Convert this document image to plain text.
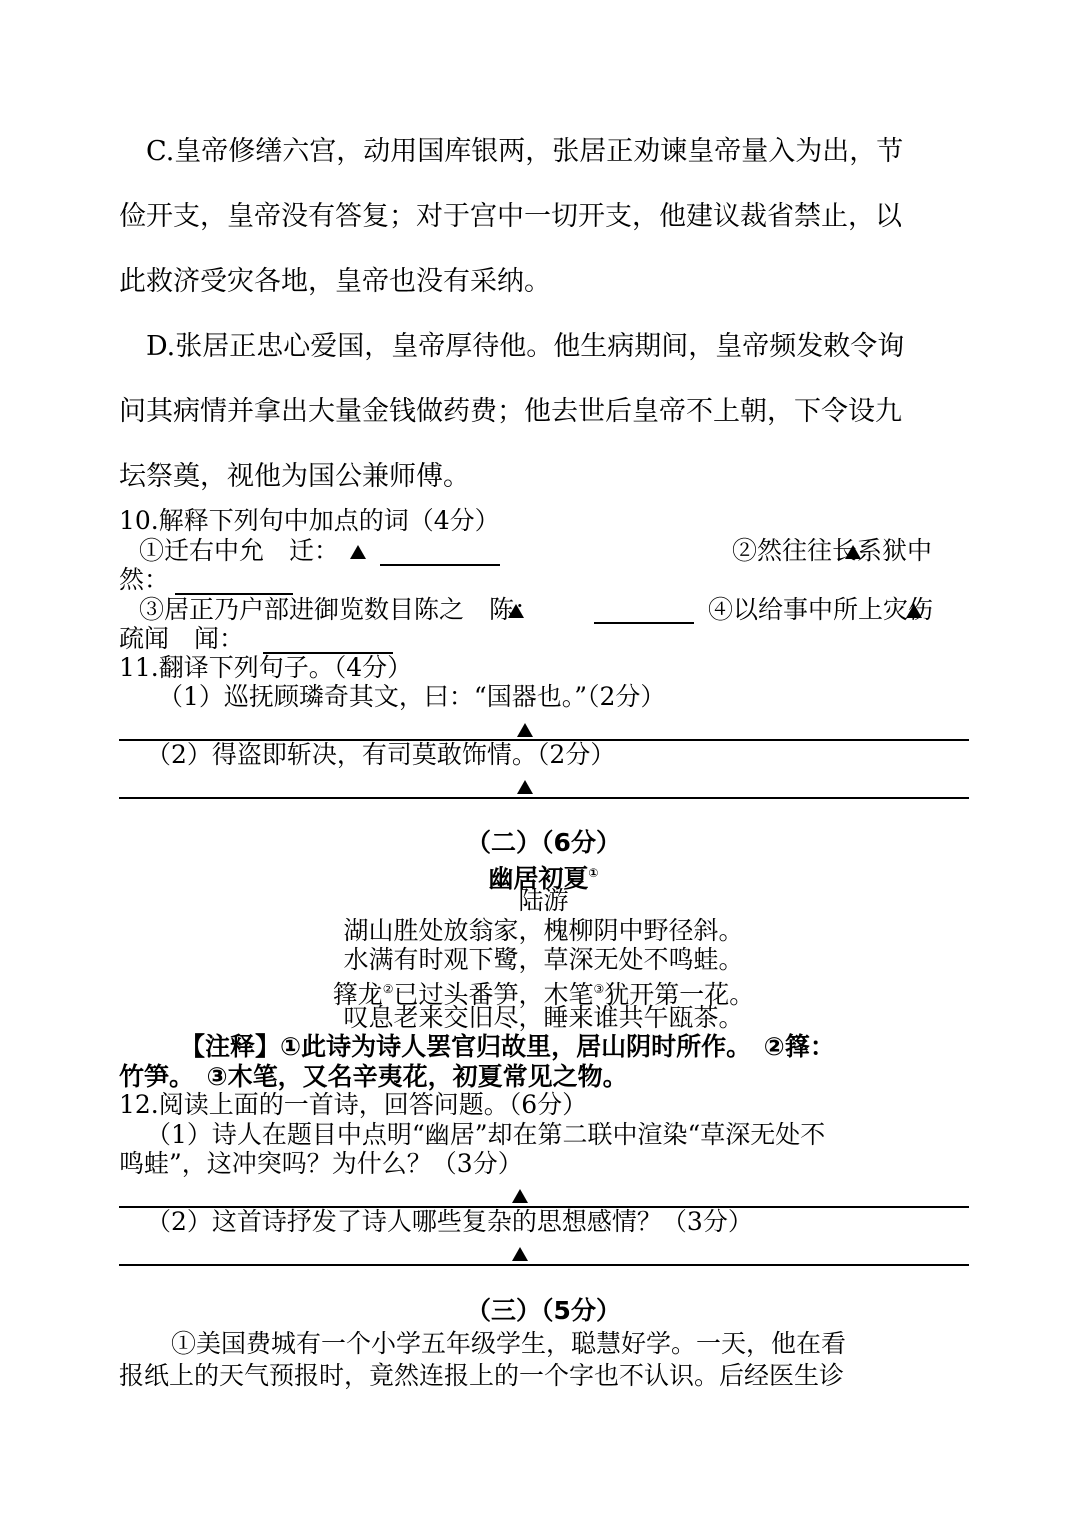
C.皇帝修缮六宫，动用国库银两，张居正劝谏皇帝量入为出，节
俭开支，皇帝没有答复；对于宫中一切开支，他建议裁省禁止，以
此救济受灾各地，皇帝也没有采纳。
D.张居正忠心爱国，皇帝厚待他。他生病期间，皇帝频发敕令询
问其病情并拿出大量金钱做药费；他去世后皇帝不上朝，下令设九
坛祭奠，视他为国公兼师傅。
10.解释下列句中加点的词（4分）
①迁右中允　迁：	②然往往长系狱中
然：
③居正乃户部进御览数目陈之　陈：	④以给事中所上灾伤
疏闻　闻：
11.翻译下列句子。（4分）
（1）巡抚顾璘奇其文，曰：“国器也。”（2分）
（2）得盗即斩决，有司莫敢饰情。（2分）
（二）（6分）
幽居初夏①
陆游
湖山胜处放翁家，槐柳阴中野径斜。
水满有时观下鹭，草深无处不鸣蛙。
箨龙②已过头番笋，木笔③犹开第一花。
叹息老来交旧尽，睡来谁共午瓯茶。
【注释】①此诗为诗人罢官归故里，居山阴时所作。　②箨：
竹笋。　③木笔，又名辛夷花，初夏常见之物。
12.阅读上面的一首诗，回答问题。（6分）
（1）诗人在题目中点明“幽居”却在第二联中渲染“草深无处不
鸣蛙”，这冲突吗？为什么？（3分）
（2）这首诗抒发了诗人哪些复杂的思想感情？（3分）
（三）（5分）
①美国费城有一个小学五年级学生，聪慧好学。一天，他在看
报纸上的天气预报时，竟然连报上的一个字也不认识。后经医生诊
